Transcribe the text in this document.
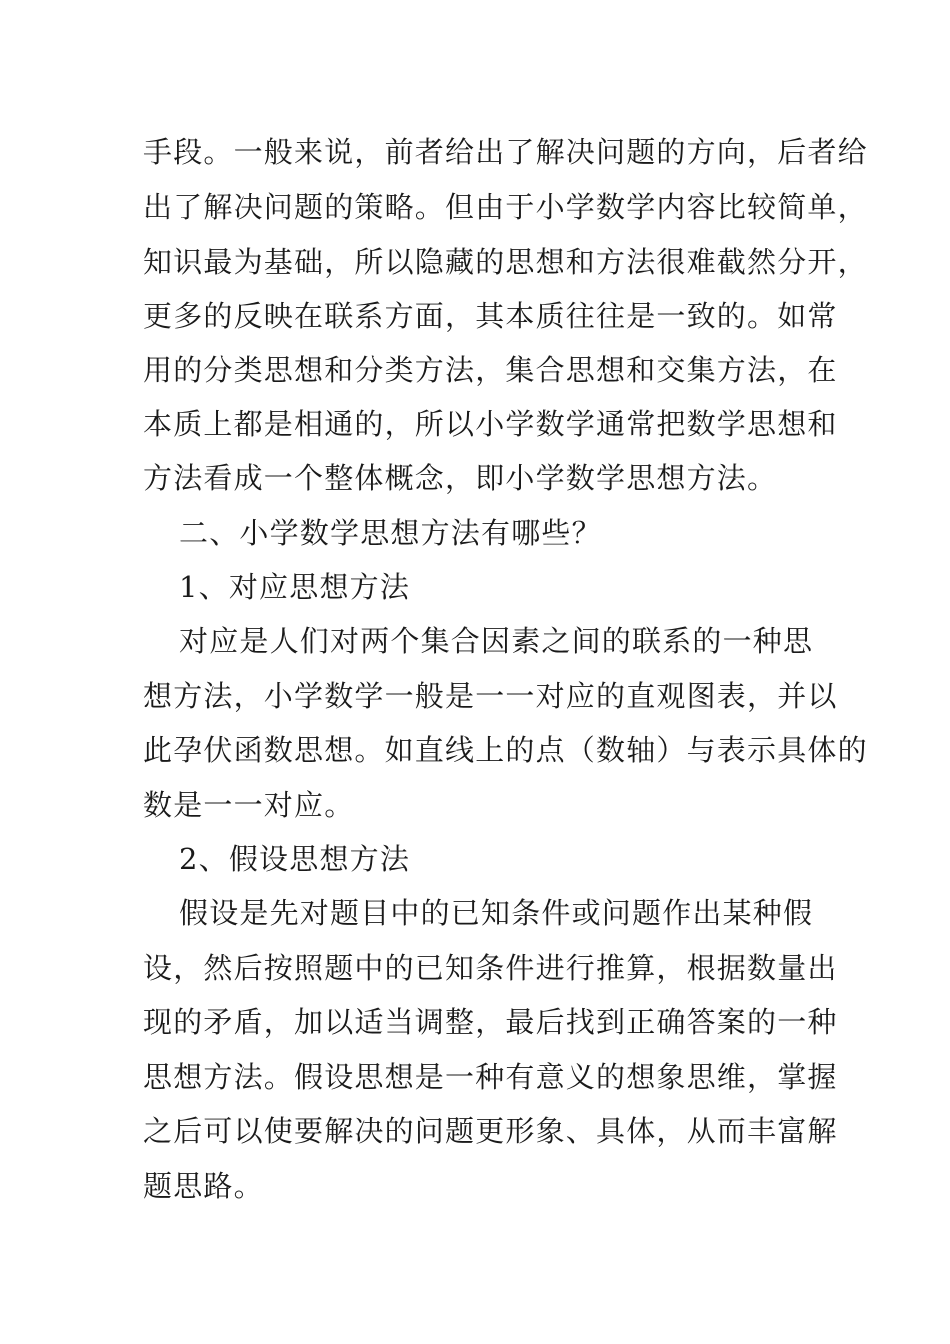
手段。一般来说，前者给出了解决问题的方向，后者给
出了解决问题的策略。但由于小学数学内容比较简单，
知识最为基础，所以隐藏的思想和方法很难截然分开，
更多的反映在联系方面，其本质往往是一致的。如常
用的分类思想和分类方法，集合思想和交集方法，在
本质上都是相通的，所以小学数学通常把数学思想和
方法看成一个整体概念，即小学数学思想方法。
二、小学数学思想方法有哪些？
1、对应思想方法
对应是人们对两个集合因素之间的联系的一种思
想方法，小学数学一般是一一对应的直观图表，并以
此孕伏函数思想。如直线上的点（数轴）与表示具体的
数是一一对应。
2、假设思想方法
假设是先对题目中的已知条件或问题作出某种假
设，然后按照题中的已知条件进行推算，根据数量出
现的矛盾，加以适当调整，最后找到正确答案的一种
思想方法。假设思想是一种有意义的想象思维，掌握
之后可以使要解决的问题更形象、具体，从而丰富解
题思路。
